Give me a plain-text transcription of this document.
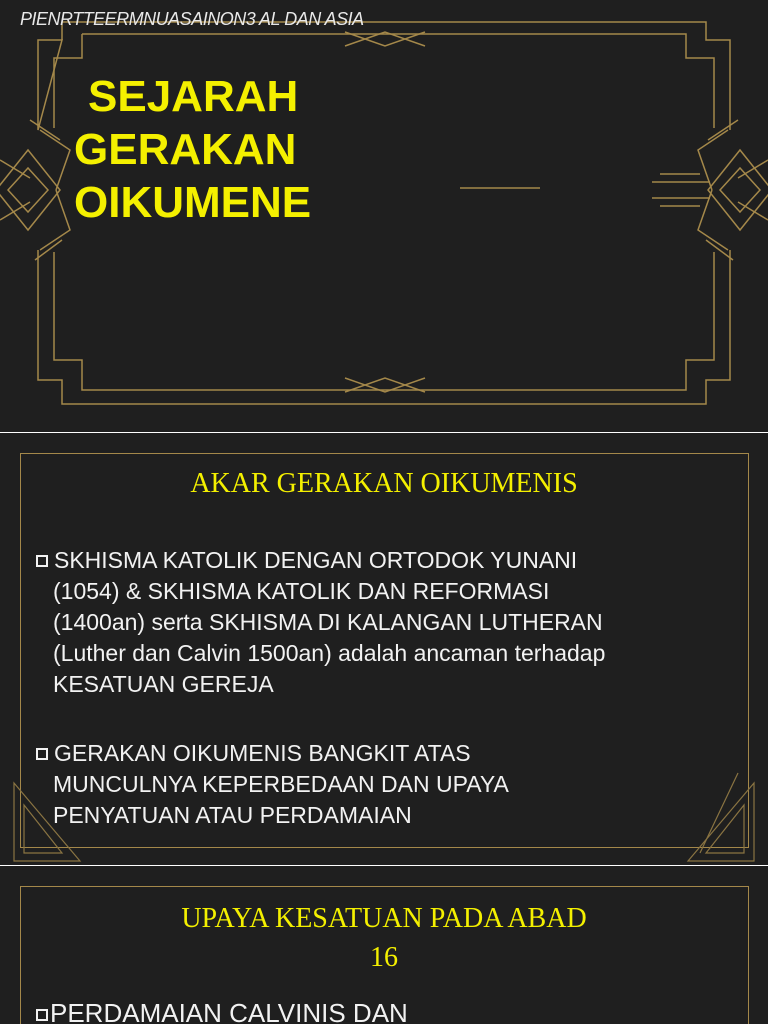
PIENRTTEERMNUASAINON3 AL DAN ASIA
SEJARAH
GERAKAN
OIKUMENE
AKAR GERAKAN OIKUMENIS
SKHISMA KATOLIK DENGAN ORTODOK YUNANI
(1054) & SKHISMA KATOLIK DAN REFORMASI
(1400an) serta SKHISMA DI KALANGAN LUTHERAN
(Luther dan Calvin 1500an) adalah ancaman terhadap
KESATUAN GEREJA
GERAKAN OIKUMENIS BANGKIT ATAS
MUNCULNYA KEPERBEDAAN DAN UPAYA
PENYATUAN ATAU PERDAMAIAN
UPAYA KESATUAN PADA ABAD
16
PERDAMAIAN CALVINIS DAN
